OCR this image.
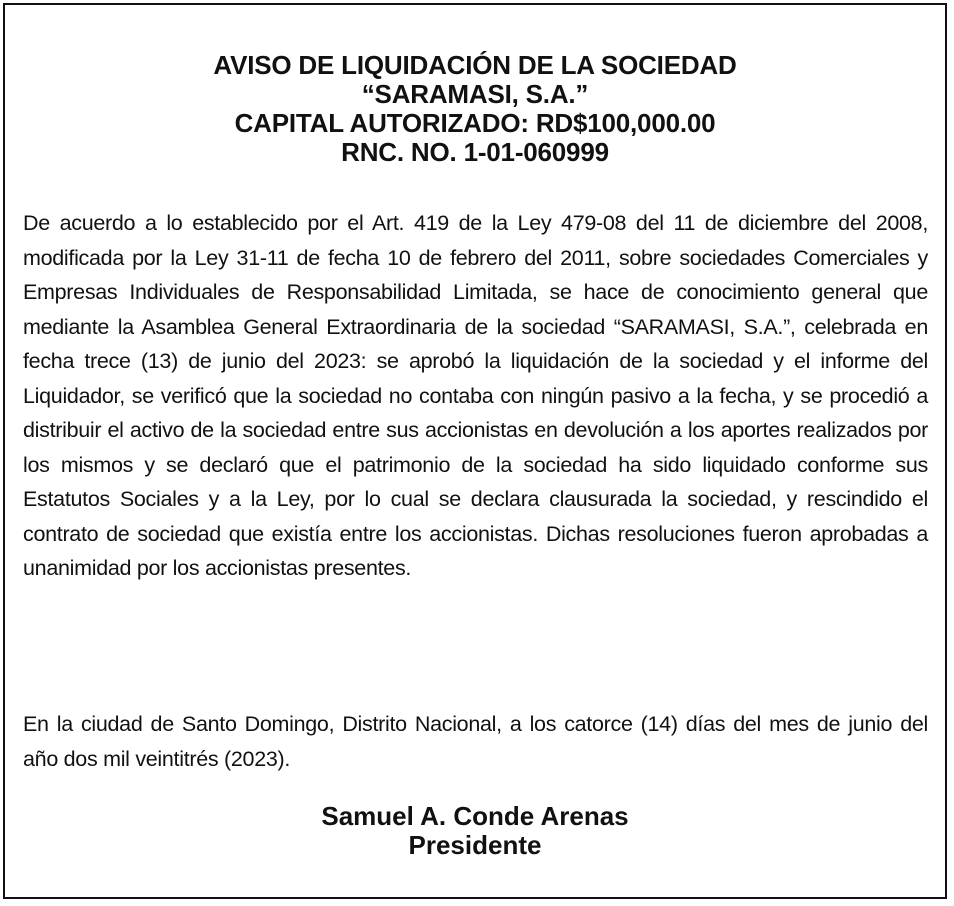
AVISO DE LIQUIDACIÓN DE LA SOCIEDAD
“SARAMASI, S.A.”
CAPITAL AUTORIZADO: RD$100,000.00
RNC. NO. 1-01-060999

De acuerdo a lo establecido por el Art. 419 de la Ley 479-08 del 11 de diciembre del 2008, modificada por la Ley 31-11 de fecha 10 de febrero del 2011, sobre sociedades Comerciales y Empresas Individuales de Responsabilidad Limitada, se hace de conocimiento general que mediante la Asamblea General Extraordinaria de la sociedad “SARAMASI, S.A.”, celebrada en fecha trece (13) de junio del 2023: se aprobó la liquidación de la sociedad y el informe del Liquidador, se verificó que la sociedad no contaba con ningún pasivo a la fecha, y se procedió a distribuir el activo de la sociedad entre sus accionistas en devolución a los aportes realizados por los mismos y se declaró que el patrimonio de la sociedad ha sido liquidado conforme sus Estatutos Sociales y a la Ley, por lo cual se declara clausurada la sociedad, y rescindido el contrato de sociedad que existía entre los accionistas. Dichas resoluciones fueron aprobadas a unanimidad por los accionistas presentes.

En la ciudad de Santo Domingo, Distrito Nacional, a los catorce (14) días del mes de junio del año dos mil veintitrés (2023).

Samuel A. Conde Arenas
Presidente
